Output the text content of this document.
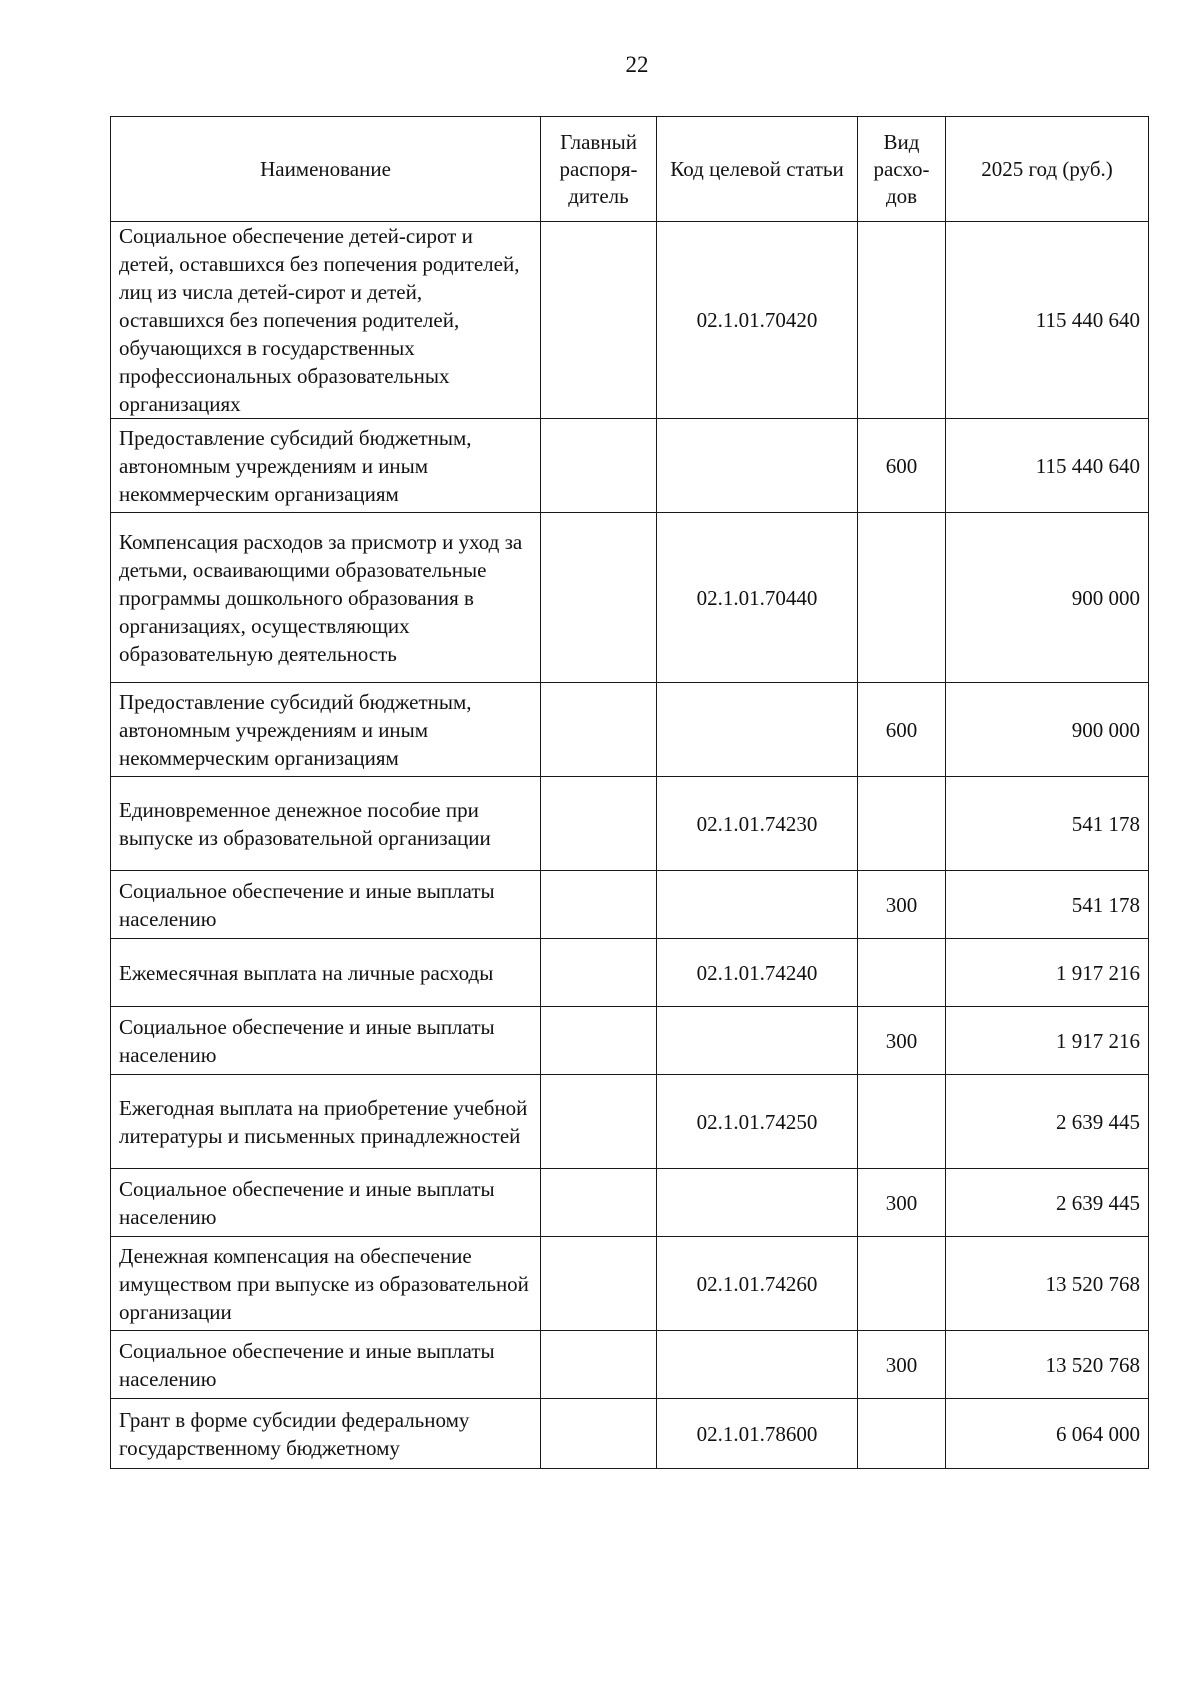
22
Наименование	Главный распоря-дитель	Код целевой статьи	Вид расхо-дов	2025 год (руб.)
Социальное обеспечение детей-сирот и детей, оставшихся без попечения родителей, лиц из числа детей-сирот и детей, оставшихся без попечения родителей, обучающихся в государственных профессиональных образовательных организациях		02.1.01.70420		115 440 640
Предоставление субсидий бюджетным, автономным учреждениям и иным некоммерческим организациям			600	115 440 640
Компенсация расходов за присмотр и уход за детьми, осваивающими образовательные программы дошкольного образования в организациях, осуществляющих образовательную деятельность		02.1.01.70440		900 000
Предоставление субсидий бюджетным, автономным учреждениям и иным некоммерческим организациям			600	900 000
Единовременное денежное пособие при выпуске из образовательной организации		02.1.01.74230		541 178
Социальное обеспечение и иные выплаты населению			300	541 178
Ежемесячная выплата на личные расходы		02.1.01.74240		1 917 216
Социальное обеспечение и иные выплаты населению			300	1 917 216
Ежегодная выплата на приобретение учебной литературы и письменных принадлежностей		02.1.01.74250		2 639 445
Социальное обеспечение и иные выплаты населению			300	2 639 445
Денежная компенсация на обеспечение имуществом при выпуске из образовательной организации		02.1.01.74260		13 520 768
Социальное обеспечение и иные выплаты населению			300	13 520 768
Грант в форме субсидии федеральному государственному бюджетному		02.1.01.78600		6 064 000
